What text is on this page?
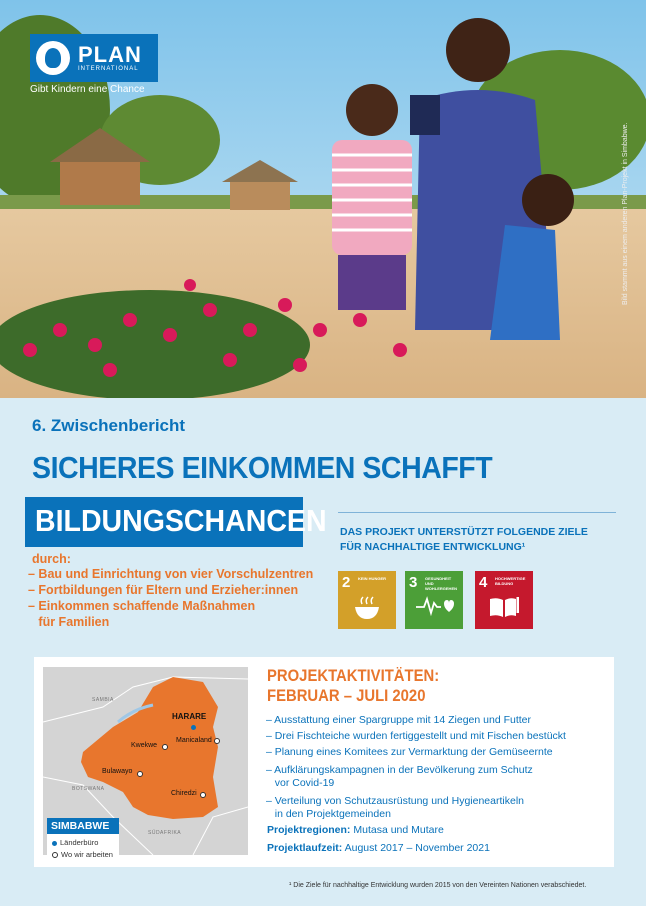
PLAN
INTERNATIONAL
Gibt Kindern eine Chance
Bild stammt aus einem anderen Plan-Projekt in Simbabwe.
6. Zwischenbericht
SICHERES EINKOMMEN SCHAFFT
BILDUNGSCHANCEN
durch:
– Bau und Einrichtung von vier Vorschulzentren
– Fortbildungen für Eltern und Erzieher:innen
– Einkommen schaffende Maßnahmen
für Familien
DAS PROJEKT UNTERSTÜTZT FOLGENDE ZIELE
FÜR NACHHALTIGE ENTWICKLUNG¹
2 KEIN HUNGER 3 GESUNDHEIT UND WOHLERGEHEN 4 HOCHWERTIGE BILDUNG
SAMBIA
BOTSWANA
SÜDAFRIKA
HARARE
Manicaland
Kwekwe
Bulawayo
Chiredzi
SIMBABWE
Länderbüro
Wo wir arbeiten
PROJEKTAKTIVITÄTEN:
FEBRUAR – JULI 2020
– Ausstattung einer Spargruppe mit 14 Ziegen und Futter
– Drei Fischteiche wurden fertiggestellt und mit Fischen bestückt
– Planung eines Komitees zur Vermarktung der Gemüseernte
– Aufklärungskampagnen in der Bevölkerung zum Schutz
vor Covid-19
– Verteilung von Schutzausrüstung und Hygieneartikeln
in den Projektgemeinden
Projektregionen: Mutasa und Mutare
Projektlaufzeit: August 2017 – November 2021
¹ Die Ziele für nachhaltige Entwicklung wurden 2015 von den Vereinten Nationen verabschiedet.
